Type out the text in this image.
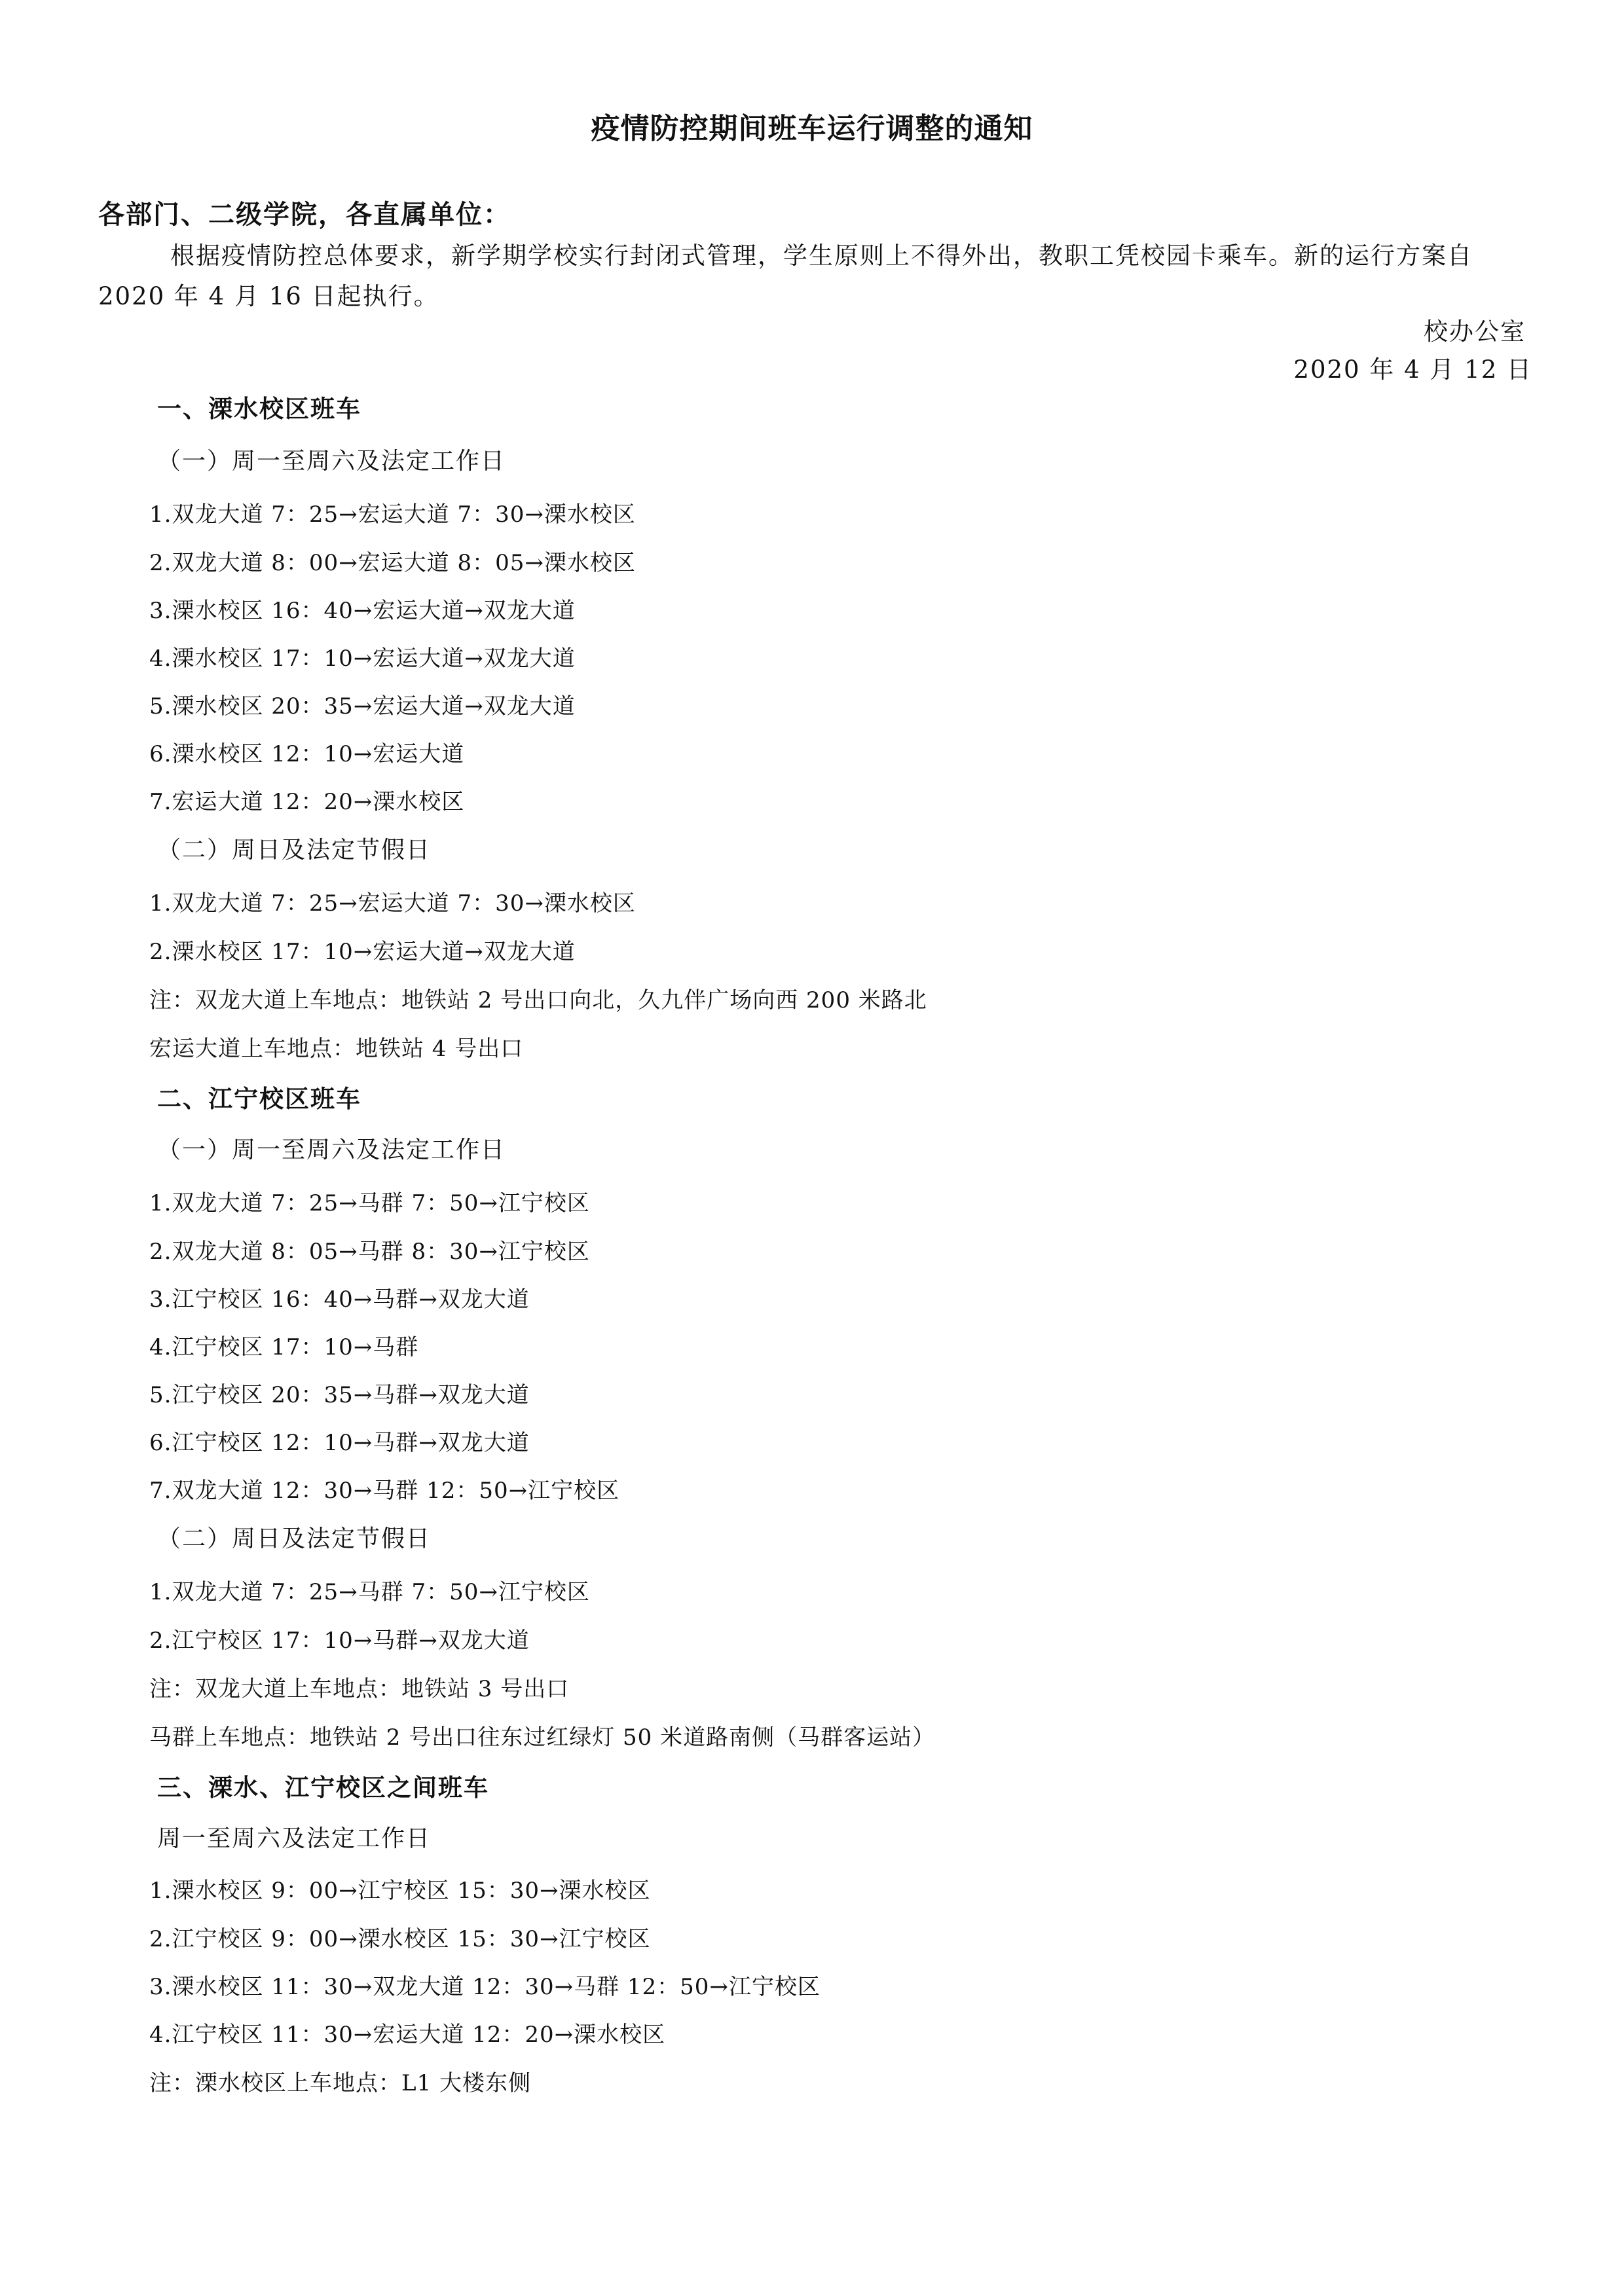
疫情防控期间班车运行调整的通知
各部门、二级学院，各直属单位：
根据疫情防控总体要求，新学期学校实行封闭式管理，学生原则上不得外出，教职工凭校园卡乘车。新的运行方案自 2020 年 4 月 16 日起执行。
校办公室
2020 年 4 月 12 日
一、溧水校区班车
（一）周一至周六及法定工作日
1.双龙大道 7：25→宏运大道 7：30→溧水校区
2.双龙大道 8：00→宏运大道 8：05→溧水校区
3.溧水校区 16：40→宏运大道→双龙大道
4.溧水校区 17：10→宏运大道→双龙大道
5.溧水校区 20：35→宏运大道→双龙大道
6.溧水校区 12：10→宏运大道
7.宏运大道 12：20→溧水校区
（二）周日及法定节假日
1.双龙大道 7：25→宏运大道 7：30→溧水校区
2.溧水校区 17：10→宏运大道→双龙大道
注：双龙大道上车地点：地铁站 2 号出口向北，久九伴广场向西 200 米路北
宏运大道上车地点：地铁站 4 号出口
二、江宁校区班车
（一）周一至周六及法定工作日
1.双龙大道 7：25→马群 7：50→江宁校区
2.双龙大道 8：05→马群 8：30→江宁校区
3.江宁校区 16：40→马群→双龙大道
4.江宁校区 17：10→马群
5.江宁校区 20：35→马群→双龙大道
6.江宁校区 12：10→马群→双龙大道
7.双龙大道 12：30→马群 12：50→江宁校区
（二）周日及法定节假日
1.双龙大道 7：25→马群 7：50→江宁校区
2.江宁校区 17：10→马群→双龙大道
注：双龙大道上车地点：地铁站 3 号出口
马群上车地点：地铁站 2 号出口往东过红绿灯 50 米道路南侧（马群客运站）
三、溧水、江宁校区之间班车
周一至周六及法定工作日
1.溧水校区 9：00→江宁校区 15：30→溧水校区
2.江宁校区 9：00→溧水校区 15：30→江宁校区
3.溧水校区 11：30→双龙大道 12：30→马群 12：50→江宁校区
4.江宁校区 11：30→宏运大道 12：20→溧水校区
注：溧水校区上车地点：L1 大楼东侧
